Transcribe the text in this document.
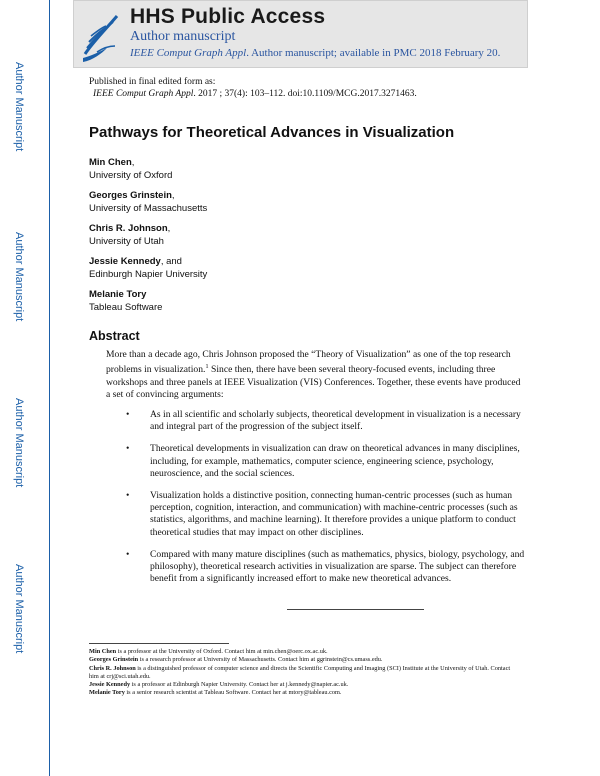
HHS Public Access
Author manuscript
IEEE Comput Graph Appl. Author manuscript; available in PMC 2018 February 20.
Author Manuscript
Author Manuscript
Author Manuscript
Author Manuscript
Published in final edited form as:
IEEE Comput Graph Appl. 2017 ; 37(4): 103–112. doi:10.1109/MCG.2017.3271463.
Pathways for Theoretical Advances in Visualization
Min Chen,
University of Oxford
Georges Grinstein,
University of Massachusetts
Chris R. Johnson,
University of Utah
Jessie Kennedy, and
Edinburgh Napier University
Melanie Tory
Tableau Software
Abstract
More than a decade ago, Chris Johnson proposed the “Theory of Visualization” as one of the top research problems in visualization.$^1$ Since then, there have been several theory-focused events, including three workshops and three panels at IEEE Visualization (VIS) Conferences. Together, these events have produced a set of convincing arguments:
• As in all scientific and scholarly subjects, theoretical development in visualization is a necessary and integral part of the progression of the subject itself.
• Theoretical developments in visualization can draw on theoretical advances in many disciplines, including, for example, mathematics, computer science, engineering science, psychology, neuroscience, and the social sciences.
• Visualization holds a distinctive position, connecting human-centric processes (such as human perception, cognition, interaction, and communication) with machine-centric processes (such as statistics, algorithms, and machine learning). It therefore provides a unique platform to conduct theoretical studies that may impact on other disciplines.
• Compared with many mature disciplines (such as mathematics, physics, biology, psychology, and philosophy), theoretical research activities in visualization are sparse. The subject can therefore benefit from a significantly increased effort to make new theoretical advances.
Min Chen is a professor at the University of Oxford. Contact him at min.chen@oerc.ox.ac.uk.
Georges Grinstein is a research professor at University of Massachusetts. Contact him at ggrinstein@cs.umass.edu.
Chris R. Johnson is a distinguished professor of computer science and directs the Scientific Computing and Imaging (SCI) Institute at the University of Utah. Contact him at crj@sci.utah.edu.
Jessie Kennedy is a professor at Edinburgh Napier University. Contact her at j.kennedy@napier.ac.uk.
Melanie Tory is a senior research scientist at Tableau Software. Contact her at mtory@tableau.com.
